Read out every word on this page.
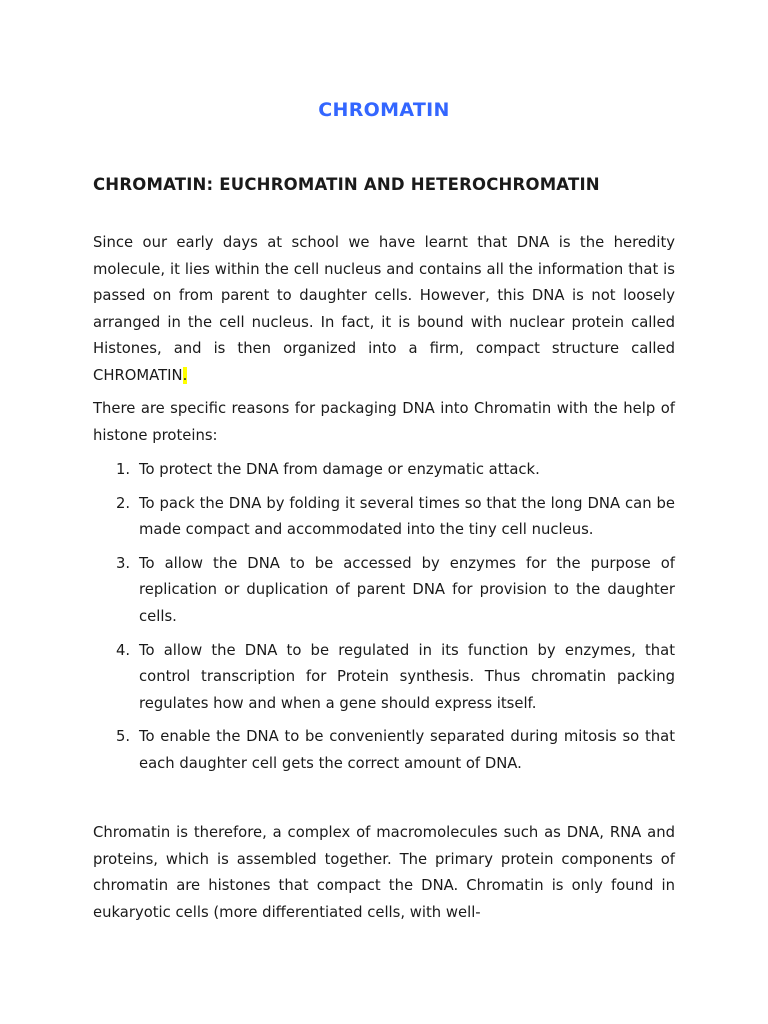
CHROMATIN
CHROMATIN: EUCHROMATIN AND HETEROCHROMATIN

Since our early days at school we have learnt that DNA is the heredity molecule, it lies within the cell nucleus and contains all the information that is passed on from parent to daughter cells. However, this DNA is not loosely arranged in the cell nucleus. In fact, it is bound with nuclear protein called Histones, and is then organized into a firm, compact structure called CHROMATIN.

There are specific reasons for packaging DNA into Chromatin with the help of histone proteins:

1. To protect the DNA from damage or enzymatic attack.
2. To pack the DNA by folding it several times so that the long DNA can be made compact and accommodated into the tiny cell nucleus.
3. To allow the DNA to be accessed by enzymes for the purpose of replication or duplication of parent DNA for provision to the daughter cells.
4. To allow the DNA to be regulated in its function by enzymes, that control transcription for Protein synthesis. Thus chromatin packing regulates how and when a gene should express itself.
5. To enable the DNA to be conveniently separated during mitosis so that each daughter cell gets the correct amount of DNA.

Chromatin is therefore, a complex of macromolecules such as DNA, RNA and proteins, which is assembled together. The primary protein components of chromatin are histones that compact the DNA. Chromatin is only found in eukaryotic cells (more differentiated cells, with well-
